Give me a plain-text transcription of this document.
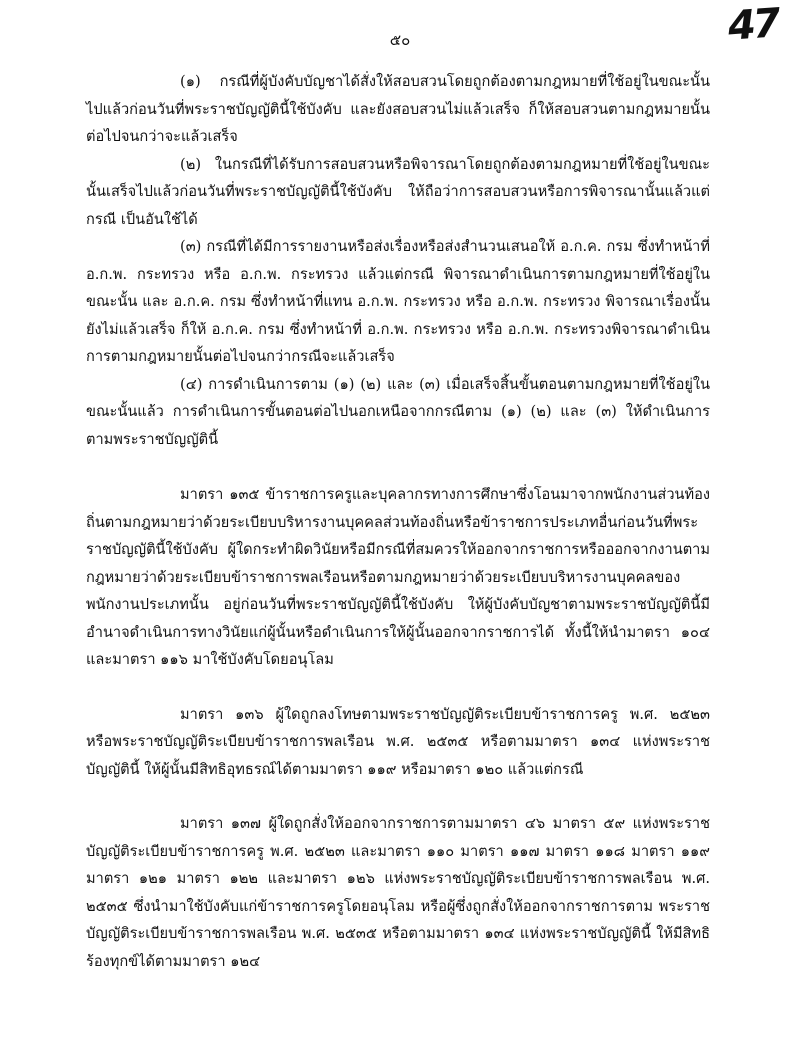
๕๐	47

(๑) กรณีที่ผู้บังคับบัญชาได้สั่งให้สอบสวนโดยถูกต้องตามกฎหมายที่ใช้อยู่ในขณะนั้นไปแล้วก่อนวันที่พระราชบัญญัตินี้ใช้บังคับ และยังสอบสวนไม่แล้วเสร็จ ก็ให้สอบสวนตามกฎหมายนั้นต่อไปจนกว่าจะแล้วเสร็จ

(๒) ในกรณีที่ได้รับการสอบสวนหรือพิจารณาโดยถูกต้องตามกฎหมายที่ใช้อยู่ในขณะนั้นเสร็จไปแล้วก่อนวันที่พระราชบัญญัตินี้ใช้บังคับ ให้ถือว่าการสอบสวนหรือการพิจารณานั้นแล้วแต่กรณี เป็นอันใช้ได้

(๓) กรณีที่ได้มีการรายงานหรือส่งเรื่องหรือส่งสำนวนเสนอให้ อ.ก.ค. กรม ซึ่งทำหน้าที่ อ.ก.พ. กระทรวง หรือ อ.ก.พ. กระทรวง แล้วแต่กรณี พิจารณาดำเนินการตามกฎหมายที่ใช้อยู่ในขณะนั้น และ อ.ก.ค. กรม ซึ่งทำหน้าที่แทน อ.ก.พ. กระทรวง หรือ อ.ก.พ. กระทรวง พิจารณาเรื่องนั้นยังไม่แล้วเสร็จ ก็ให้ อ.ก.ค. กรม ซึ่งทำหน้าที่ อ.ก.พ. กระทรวง หรือ อ.ก.พ. กระทรวงพิจารณาดำเนินการตามกฎหมายนั้นต่อไปจนกว่ากรณีจะแล้วเสร็จ

(๔) การดำเนินการตาม (๑) (๒) และ (๓) เมื่อเสร็จสิ้นขั้นตอนตามกฎหมายที่ใช้อยู่ในขณะนั้นแล้ว การดำเนินการขั้นตอนต่อไปนอกเหนือจากกรณีตาม (๑) (๒) และ (๓) ให้ดำเนินการตามพระราชบัญญัตินี้

มาตรา ๑๓๕ ข้าราชการครูและบุคลากรทางการศึกษาซึ่งโอนมาจากพนักงานส่วนท้องถิ่นตามกฎหมายว่าด้วยระเบียบบริหารงานบุคคลส่วนท้องถิ่นหรือข้าราชการประเภทอื่นก่อนวันที่พระราชบัญญัตินี้ใช้บังคับ ผู้ใดกระทำผิดวินัยหรือมีกรณีที่สมควรให้ออกจากราชการหรือออกจากงานตามกฎหมายว่าด้วยระเบียบข้าราชการพลเรือนหรือตามกฎหมายว่าด้วยระเบียบบริหารงานบุคคลของพนักงานประเภทนั้น อยู่ก่อนวันที่พระราชบัญญัตินี้ใช้บังคับ ให้ผู้บังคับบัญชาตามพระราชบัญญัตินี้มีอำนาจดำเนินการทางวินัยแก่ผู้นั้นหรือดำเนินการให้ผู้นั้นออกจากราชการได้ ทั้งนี้ให้นำมาตรา ๑๐๔ และมาตรา ๑๑๖ มาใช้บังคับโดยอนุโลม

มาตรา ๑๓๖ ผู้ใดถูกลงโทษตามพระราชบัญญัติระเบียบข้าราชการครู พ.ศ. ๒๕๒๓ หรือพระราชบัญญัติระเบียบข้าราชการพลเรือน พ.ศ. ๒๕๓๕ หรือตามมาตรา ๑๓๔ แห่งพระราชบัญญัตินี้ ให้ผู้นั้นมีสิทธิอุทธรณ์ได้ตามมาตรา ๑๑๙ หรือมาตรา ๑๒๐ แล้วแต่กรณี

มาตรา ๑๓๗ ผู้ใดถูกสั่งให้ออกจากราชการตามมาตรา ๔๖ มาตรา ๕๙ แห่งพระราชบัญญัติระเบียบข้าราชการครู พ.ศ. ๒๕๒๓ และมาตรา ๑๑๐ มาตรา ๑๑๗ มาตรา ๑๑๘ มาตรา ๑๑๙ มาตรา ๑๒๑ มาตรา ๑๒๒ และมาตรา ๑๒๖ แห่งพระราชบัญญัติระเบียบข้าราชการพลเรือน พ.ศ. ๒๕๓๕ ซึ่งนำมาใช้บังคับแก่ข้าราชการครูโดยอนุโลม หรือผู้ซึ่งถูกสั่งให้ออกจากราชการตาม พระราชบัญญัติระเบียบข้าราชการพลเรือน พ.ศ. ๒๕๓๕ หรือตามมาตรา ๑๓๔ แห่งพระราชบัญญัตินี้ ให้มีสิทธิร้องทุกข์ได้ตามมาตรา ๑๒๔
